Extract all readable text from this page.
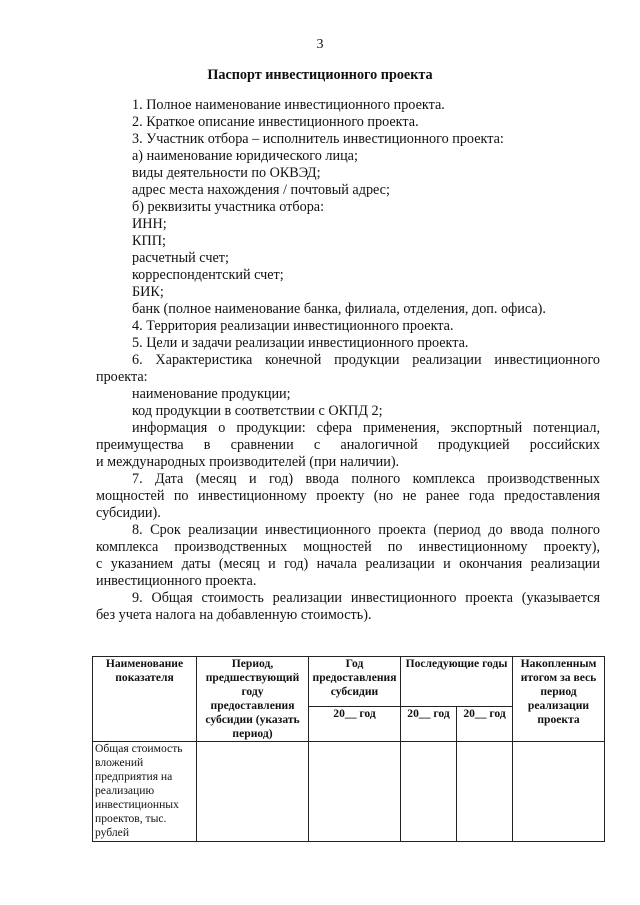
3
Паспорт инвестиционного проекта
1. Полное наименование инвестиционного проекта.
2. Краткое описание инвестиционного проекта.
3. Участник отбора – исполнитель инвестиционного проекта:
а) наименование юридического лица;
виды деятельности по ОКВЭД;
адрес места нахождения / почтовый адрес;
б) реквизиты участника отбора:
ИНН;
КПП;
расчетный счет;
корреспондентский счет;
БИК;
банк (полное наименование банка, филиала, отделения, доп. офиса).
4. Территория реализации инвестиционного проекта.
5. Цели и задачи реализации инвестиционного проекта.
6. Характеристика конечной продукции реализации инвестиционного
проекта:
наименование продукции;
код продукции в соответствии с ОКПД 2;
информация о продукции: сфера применения, экспортный потенциал,
преимущества в сравнении с аналогичной продукцией российских
и международных производителей (при наличии).
7. Дата (месяц и год) ввода полного комплекса производственных
мощностей по инвестиционному проекту (но не ранее года предоставления
субсидии).
8. Срок реализации инвестиционного проекта (период до ввода полного
комплекса производственных мощностей по инвестиционному проекту),
с указанием даты (месяц и год) начала реализации и окончания реализации
инвестиционного проекта.
9. Общая стоимость реализации инвестиционного проекта (указывается
без учета налога на добавленную стоимость).
Наименование показателя	Период, предшествующий году предоставления субсидии (указать период)	Год предоставления субсидии	Последующие годы		Накопленным итогом за весь период реализации проекта
		20__ год	20__ год	20__ год	
Общая стоимость вложений предприятия на реализацию инвестиционных проектов, тыс. рублей					
